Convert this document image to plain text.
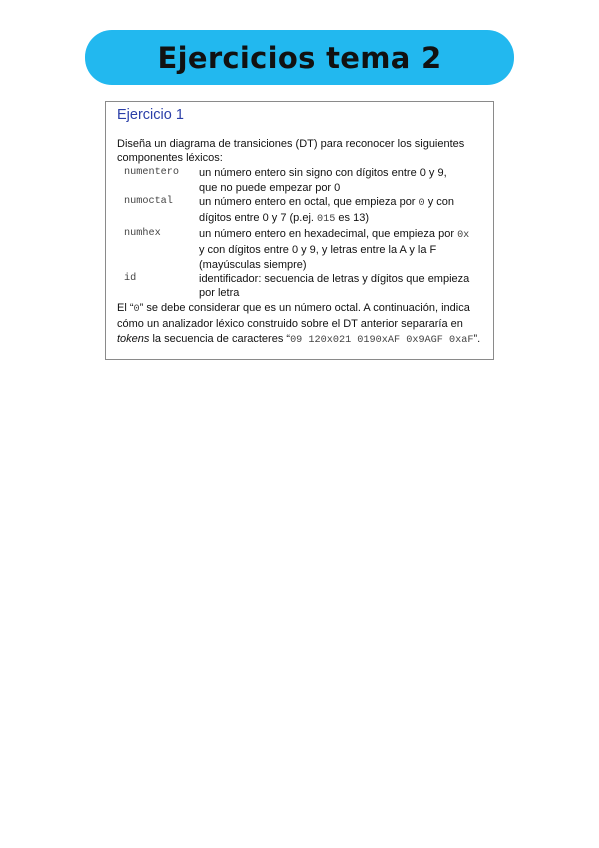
Ejercicios tema 2
Ejercicio 1

Diseña un diagrama de transiciones (DT) para reconocer los siguientes componentes léxicos:

numentero	un número entero sin signo con dígitos entre 0 y 9,
que no puede empezar por 0
numoctal	un número entero en octal, que empieza por 0 y con
dígitos entre 0 y 7 (p.ej. 015 es 13)
numhex	un número entero en hexadecimal, que empieza por 0x
y con dígitos entre 0 y 9, y letras entre la A y la F
(mayúsculas siempre)
id	identificador: secuencia de letras y dígitos que empieza
por letra

El “0” se debe considerar que es un número octal. A continuación, indica cómo un analizador léxico construido sobre el DT anterior separaría en tokens la secuencia de caracteres “09 120x021 0190xAF 0x9AGF 0xaF”.
